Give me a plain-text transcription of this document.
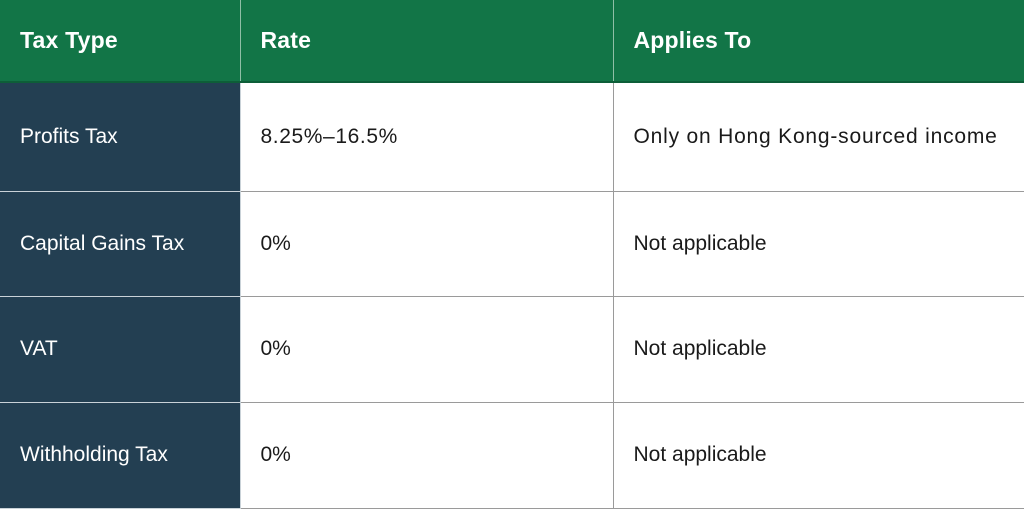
Tax Type	Rate	Applies To
Profits Tax	8.25%–16.5%	Only on Hong Kong-sourced income
Capital Gains Tax	0%	Not applicable
VAT	0%	Not applicable
Withholding Tax	0%	Not applicable
